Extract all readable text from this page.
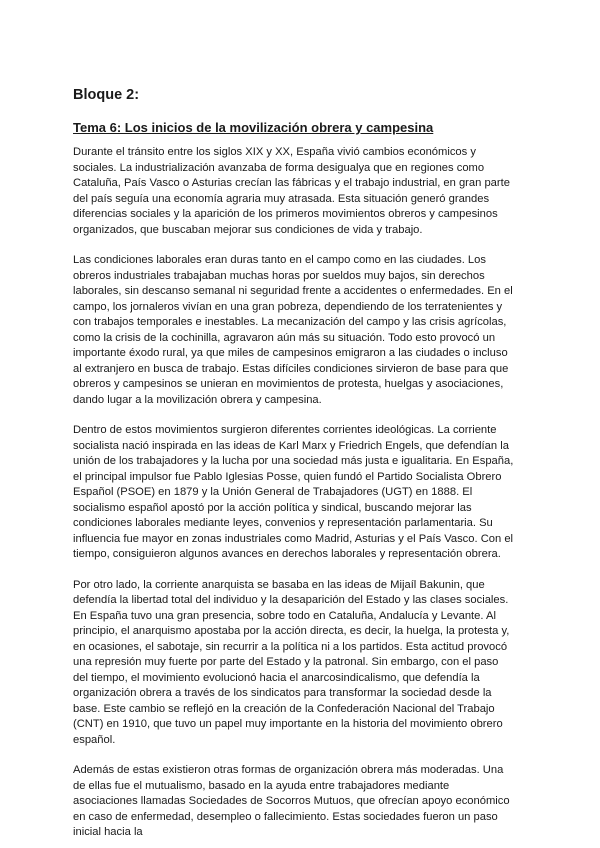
Bloque 2:
Tema 6: Los inicios de la movilización obrera y campesina

Durante el tránsito entre los siglos XIX y XX, España vivió cambios económicos y sociales. La industrialización avanzaba de forma desigualya que en regiones como Cataluña, País Vasco o Asturias crecían las fábricas y el trabajo industrial, en gran parte del país seguía una economía agraria muy atrasada. Esta situación generó grandes diferencias sociales y la aparición de los primeros movimientos obreros y campesinos organizados, que buscaban mejorar sus condiciones de vida y trabajo.

Las condiciones laborales eran duras tanto en el campo como en las ciudades. Los obreros industriales trabajaban muchas horas por sueldos muy bajos, sin derechos laborales, sin descanso semanal ni seguridad frente a accidentes o enfermedades. En el campo, los jornaleros vivían en una gran pobreza, dependiendo de los terratenientes y con trabajos temporales e inestables. La mecanización del campo y las crisis agrícolas, como la crisis de la cochinilla, agravaron aún más su situación. Todo esto provocó un importante éxodo rural, ya que miles de campesinos emigraron a las ciudades o incluso al extranjero en busca de trabajo. Estas difíciles condiciones sirvieron de base para que obreros y campesinos se unieran en movimientos de protesta, huelgas y asociaciones, dando lugar a la movilización obrera y campesina.

Dentro de estos movimientos surgieron diferentes corrientes ideológicas. La corriente socialista nació inspirada en las ideas de Karl Marx y Friedrich Engels, que defendían la unión de los trabajadores y la lucha por una sociedad más justa e igualitaria. En España, el principal impulsor fue Pablo Iglesias Posse, quien fundó el Partido Socialista Obrero Español (PSOE) en 1879 y la Unión General de Trabajadores (UGT) en 1888. El socialismo español apostó por la acción política y sindical, buscando mejorar las condiciones laborales mediante leyes, convenios y representación parlamentaria. Su influencia fue mayor en zonas industriales como Madrid, Asturias y el País Vasco. Con el tiempo, consiguieron algunos avances en derechos laborales y representación obrera.

Por otro lado, la corriente anarquista se basaba en las ideas de Mijaíl Bakunin, que defendía la libertad total del individuo y la desaparición del Estado y las clases sociales. En España tuvo una gran presencia, sobre todo en Cataluña, Andalucía y Levante. Al principio, el anarquismo apostaba por la acción directa, es decir, la huelga, la protesta y, en ocasiones, el sabotaje, sin recurrir a la política ni a los partidos. Esta actitud provocó una represión muy fuerte por parte del Estado y la patronal. Sin embargo, con el paso del tiempo, el movimiento evolucionó hacia el anarcosindicalismo, que defendía la organización obrera a través de los sindicatos para transformar la sociedad desde la base. Este cambio se reflejó en la creación de la Confederación Nacional del Trabajo (CNT) en 1910, que tuvo un papel muy importante en la historia del movimiento obrero español.

Además de estas existieron otras formas de organización obrera más moderadas. Una de ellas fue el mutualismo, basado en la ayuda entre trabajadores mediante asociaciones llamadas Sociedades de Socorros Mutuos, que ofrecían apoyo económico en caso de enfermedad, desempleo o fallecimiento. Estas sociedades fueron un paso inicial hacia la
